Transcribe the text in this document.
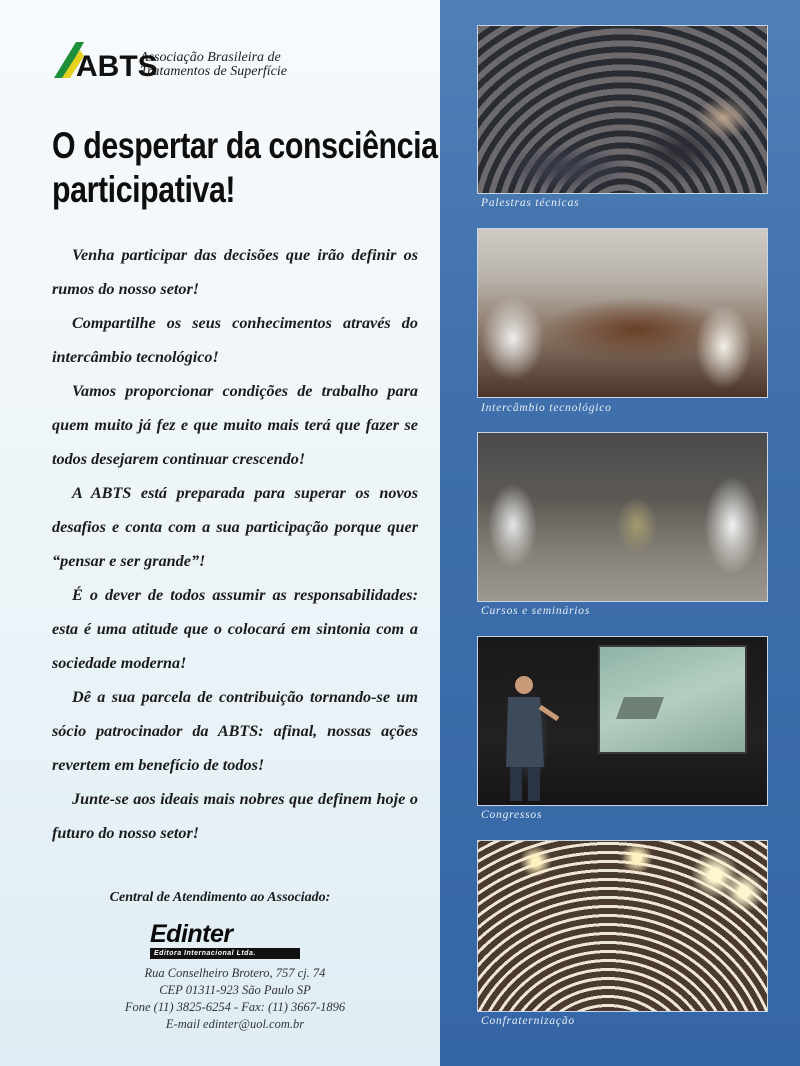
ABTS
Associação Brasileira de
Tratamentos de Superfície
O despertar da consciência
participativa!

Venha participar das decisões que irão definir os rumos do nosso setor!

Compartilhe os seus conhecimentos através do intercâmbio tecnológico!

Vamos proporcionar condições de trabalho para quem muito já fez e que muito mais terá que fazer se todos desejarem continuar crescendo!

A ABTS está preparada para superar os novos desafios e conta com a sua participação porque quer “pensar e ser grande”!

É o dever de todos assumir as responsabilidades: esta é uma atitude que o colocará em sintonia com a sociedade moderna!

Dê a sua parcela de contribuição tornando-se um sócio patrocinador da ABTS: afinal, nossas ações revertem em benefício de todos!

Junte-se aos ideais mais nobres que definem hoje o futuro do nosso setor!

Central de Atendimento ao Associado:
Edinter
Editora Internacional Ltda.
Rua Conselheiro Brotero, 757 cj. 74
CEP 01311-923 São Paulo SP
Fone (11) 3825-6254 - Fax: (11) 3667-1896
E-mail edinter@uol.com.br
Palestras técnicas
Intercâmbio tecnológico
Cursos e seminários
Congressos
Confraternização
